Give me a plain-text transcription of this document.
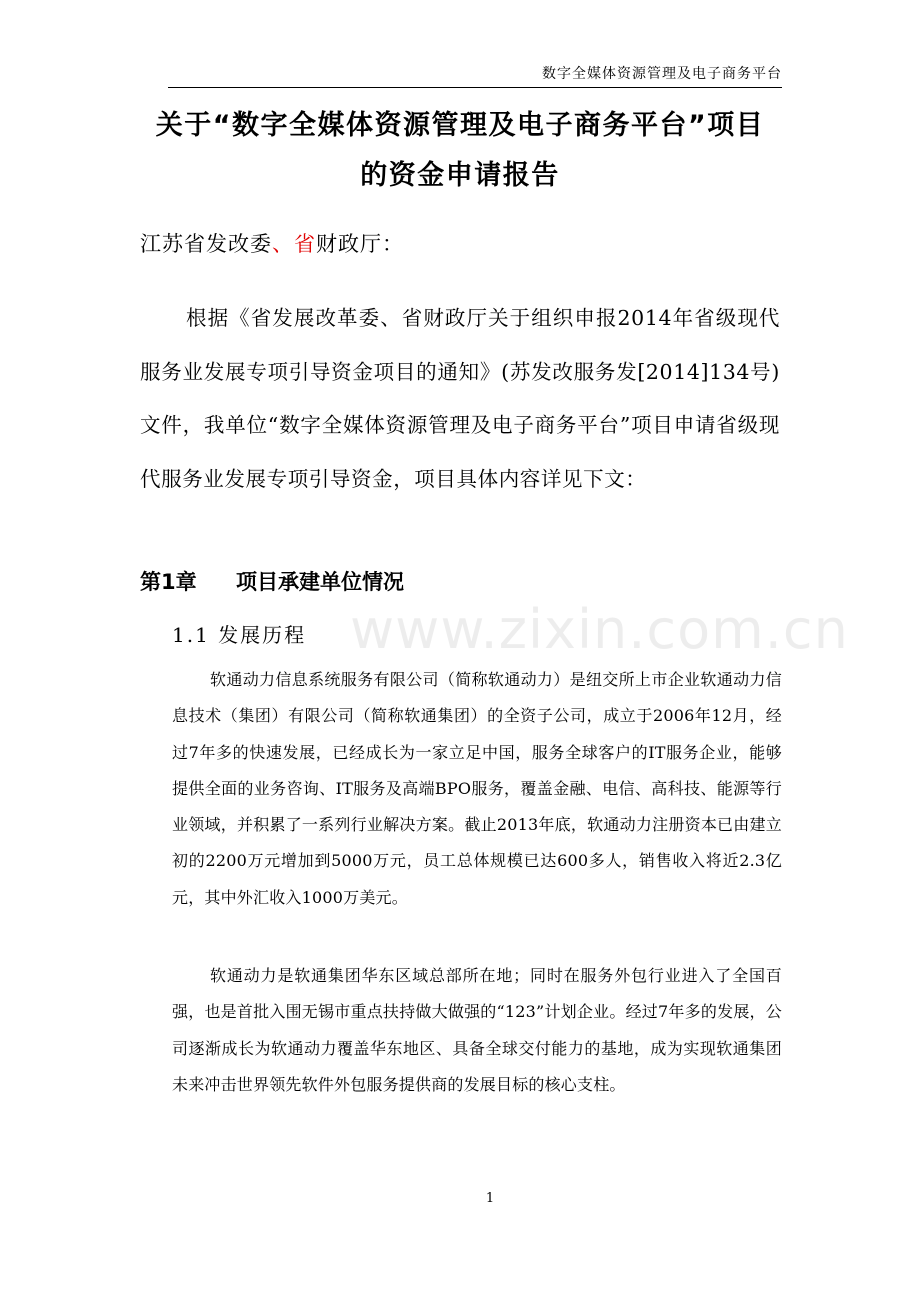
数字全媒体资源管理及电子商务平台
关于“数字全媒体资源管理及电子商务平台”项目
的资金申请报告
江苏省发改委、省财政厅：

根据《省发展改革委、省财政厅关于组织申报2014年省级现代服务业发展专项引导资金项目的通知》(苏发改服务发[2014]134号)文件，我单位“数字全媒体资源管理及电子商务平台”项目申请省级现代服务业发展专项引导资金，项目具体内容详见下文：

第1章 项目承建单位情况
www.zixin.com.cn
1.1 发展历程

软通动力信息系统服务有限公司（简称软通动力）是纽交所上市企业软通动力信息技术（集团）有限公司（简称软通集团）的全资子公司，成立于2006年12月，经过7年多的快速发展，已经成长为一家立足中国，服务全球客户的IT服务企业，能够提供全面的业务咨询、IT服务及高端BPO服务，覆盖金融、电信、高科技、能源等行业领域，并积累了一系列行业解决方案。截止2013年底，软通动力注册资本已由建立初的2200万元增加到5000万元，员工总体规模已达600多人，销售收入将近2.3亿元，其中外汇收入1000万美元。

软通动力是软通集团华东区域总部所在地；同时在服务外包行业进入了全国百强，也是首批入围无锡市重点扶持做大做强的“123”计划企业。经过7年多的发展，公司逐渐成长为软通动力覆盖华东地区、具备全球交付能力的基地，成为实现软通集团未来冲击世界领先软件外包服务提供商的发展目标的核心支柱。

1
